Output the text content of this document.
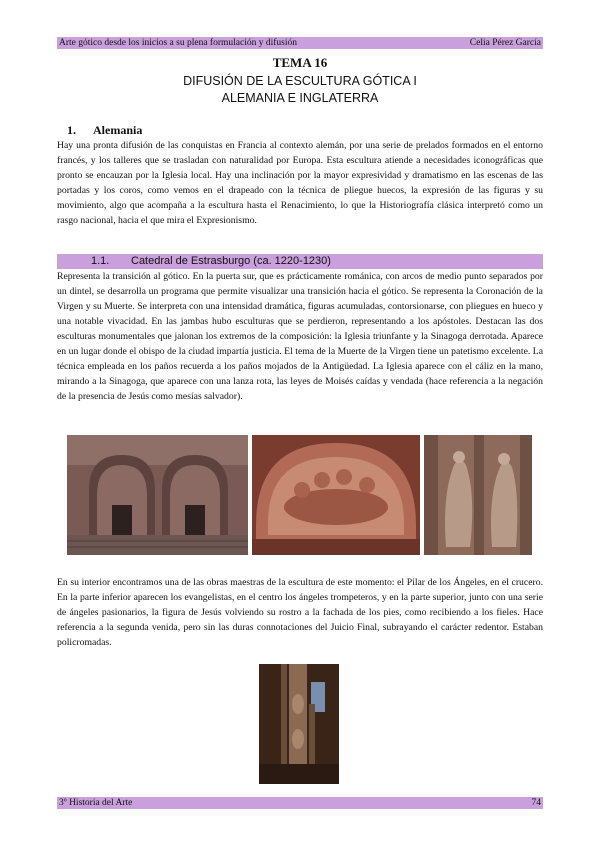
Arte gótico desde los inicios a su plena formulación y difusión	Celia Pérez García
TEMA 16
DIFUSIÓN DE LA ESCULTURA GÓTICA I
ALEMANIA E INGLATERRA
1. Alemania

Hay una pronta difusión de las conquistas en Francia al contexto alemán, por una serie de prelados formados en el entorno francés, y los talleres que se trasladan con naturalidad por Europa. Esta escultura atiende a necesidades iconográficas que pronto se encauzan por la Iglesia local. Hay una inclinación por la mayor expresividad y dramatismo en las escenas de las portadas y los coros, como vemos en el drapeado con la técnica de pliegue huecos, la expresión de las figuras y su movimiento, algo que acompaña a la escultura hasta el Renacimiento, lo que la Historiografía clásica interpretó como un rasgo nacional, hacia el que mira el Expresionismo.

1.1. Catedral de Estrasburgo (ca. 1220-1230)

Representa la transición al gótico. En la puerta sur, que es prácticamente románica, con arcos de medio punto separados por un dintel, se desarrolla un programa que permite visualizar una transición hacia el gótico. Se representa la Coronación de la Virgen y su Muerte. Se interpreta con una intensidad dramática, figuras acumuladas, contorsionarse, con pliegues en hueco y una notable vivacidad. En las jambas hubo esculturas que se perdieron, representando a los apóstoles. Destacan las dos esculturas monumentales que jalonan los extremos de la composición: la Iglesia triunfante y la Sinagoga derrotada. Aparece en un lugar donde el obispo de la ciudad impartía justicia. El tema de la Muerte de la Virgen tiene un patetismo excelente. La técnica empleada en los paños recuerda a los paños mojados de la Antigüedad. La Iglesia aparece con el cáliz en la mano, mirando a la Sinagoga, que aparece con una lanza rota, las leyes de Moisés caídas y vendada (hace referencia a la negación de la presencia de Jesús como mesías salvador).

En su interior encontramos una de las obras maestras de la escultura de este momento: el Pilar de los Ángeles, en el crucero. En la parte inferior aparecen los evangelistas, en el centro los ángeles trompeteros, y en la parte superior, junto con una serie de ángeles pasionarios, la figura de Jesús volviendo su rostro a la fachada de los pies, como recibiendo a los fieles. Hace referencia a la segunda venida, pero sin las duras connotaciones del Juicio Final, subrayando el carácter redentor. Estaban policromadas.

3º Historia del Arte	74
